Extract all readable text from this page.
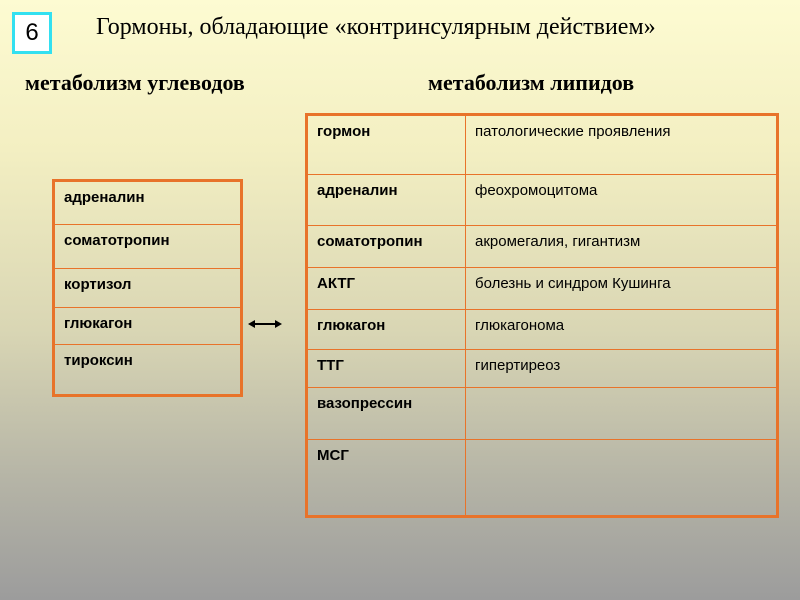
6	Гормоны, обладающие «контринсулярным действием»
метаболизм углеводов	метаболизм липидов
адреналин
соматотропин
кортизол
глюкагон
тироксин
гормон	патологические проявления
адреналин	феохромоцитома
соматотропин	акромегалия, гигантизм
АКТГ	болезнь и синдром Кушинга
глюкагон	глюкагонома
ТТГ	гипертиреоз
вазопрессин	
МСГ	
